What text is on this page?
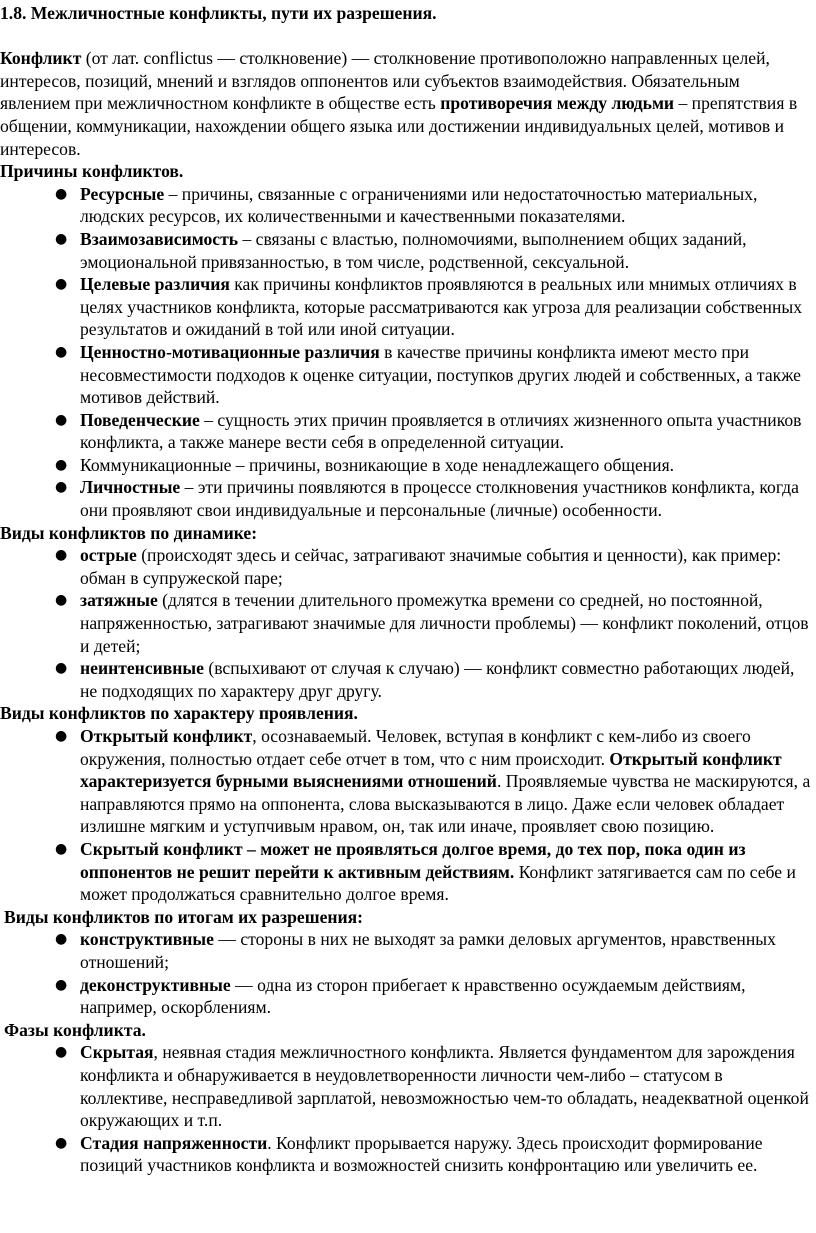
1.8. Межличностные конфликты, пути их разрешения.

Конфликт (от лат. conflictus — столкновение) — столкновение противоположно направленных целей, интересов, позиций, мнений и взглядов оппонентов или субъектов взаимодействия. Обязательным явлением при межличностном конфликте в обществе есть противоречия между людьми – препятствия в общении, коммуникации, нахождении общего языка или достижении индивидуальных целей, мотивов и интересов.

Причины конфликтов.

● Ресурсные – причины, связанные с ограничениями или недостаточностью материальных, людских ресурсов, их количественными и качественными показателями.
● Взаимозависимость – связаны с властью, полномочиями, выполнением общих заданий, эмоциональной привязанностью, в том числе, родственной, сексуальной.
● Целевые различия как причины конфликтов проявляются в реальных или мнимых отличиях в целях участников конфликта, которые рассматриваются как угроза для реализации собственных результатов и ожиданий в той или иной ситуации.
● Ценностно-мотивационные различия в качестве причины конфликта имеют место при несовместимости подходов к оценке ситуации, поступков других людей и собственных, а также мотивов действий.
● Поведенческие – сущность этих причин проявляется в отличиях жизненного опыта участников конфликта, а также манере вести себя в определенной ситуации.
● Коммуникационные – причины, возникающие в ходе ненадлежащего общения.
● Личностные – эти причины появляются в процессе столкновения участников конфликта, когда они проявляют свои индивидуальные и персональные (личные) особенности.

Виды конфликтов по динамике:

● острые (происходят здесь и сейчас, затрагивают значимые события и ценности), как пример: обман в супружеской паре;
● затяжные (длятся в течении длительного промежутка времени со средней, но постоянной, напряженностью, затрагивают значимые для личности проблемы) — конфликт поколений, отцов и детей;
● неинтенсивные (вспыхивают от случая к случаю) — конфликт совместно работающих людей, не подходящих по характеру друг другу.

Виды конфликтов по характеру проявления.

● Открытый конфликт, осознаваемый. Человек, вступая в конфликт с кем-либо из своего окружения, полностью отдает себе отчет в том, что с ним происходит. Открытый конфликт характеризуется бурными выяснениями отношений. Проявляемые чувства не маскируются, а направляются прямо на оппонента, слова высказываются в лицо. Даже если человек обладает излишне мягким и уступчивым нравом, он, так или иначе, проявляет свою позицию.
● Скрытый конфликт – может не проявляться долгое время, до тех пор, пока один из оппонентов не решит перейти к активным действиям. Конфликт затягивается сам по себе и может продолжаться сравнительно долгое время.

Виды конфликтов по итогам их разрешения:

● конструктивные — стороны в них не выходят за рамки деловых аргументов, нравственных отношений;
● деконструктивные — одна из сторон прибегает к нравственно осуждаемым действиям, например, оскорблениям.

Фазы конфликта.

● Скрытая, неявная стадия межличностного конфликта. Является фундаментом для зарождения конфликта и обнаруживается в неудовлетворенности личности чем-либо – статусом в коллективе, несправедливой зарплатой, невозможностью чем-то обладать, неадекватной оценкой окружающих и т.п.
● Стадия напряженности. Конфликт прорывается наружу. Здесь происходит формирование позиций участников конфликта и возможностей снизить конфронтацию или увеличить ее.
